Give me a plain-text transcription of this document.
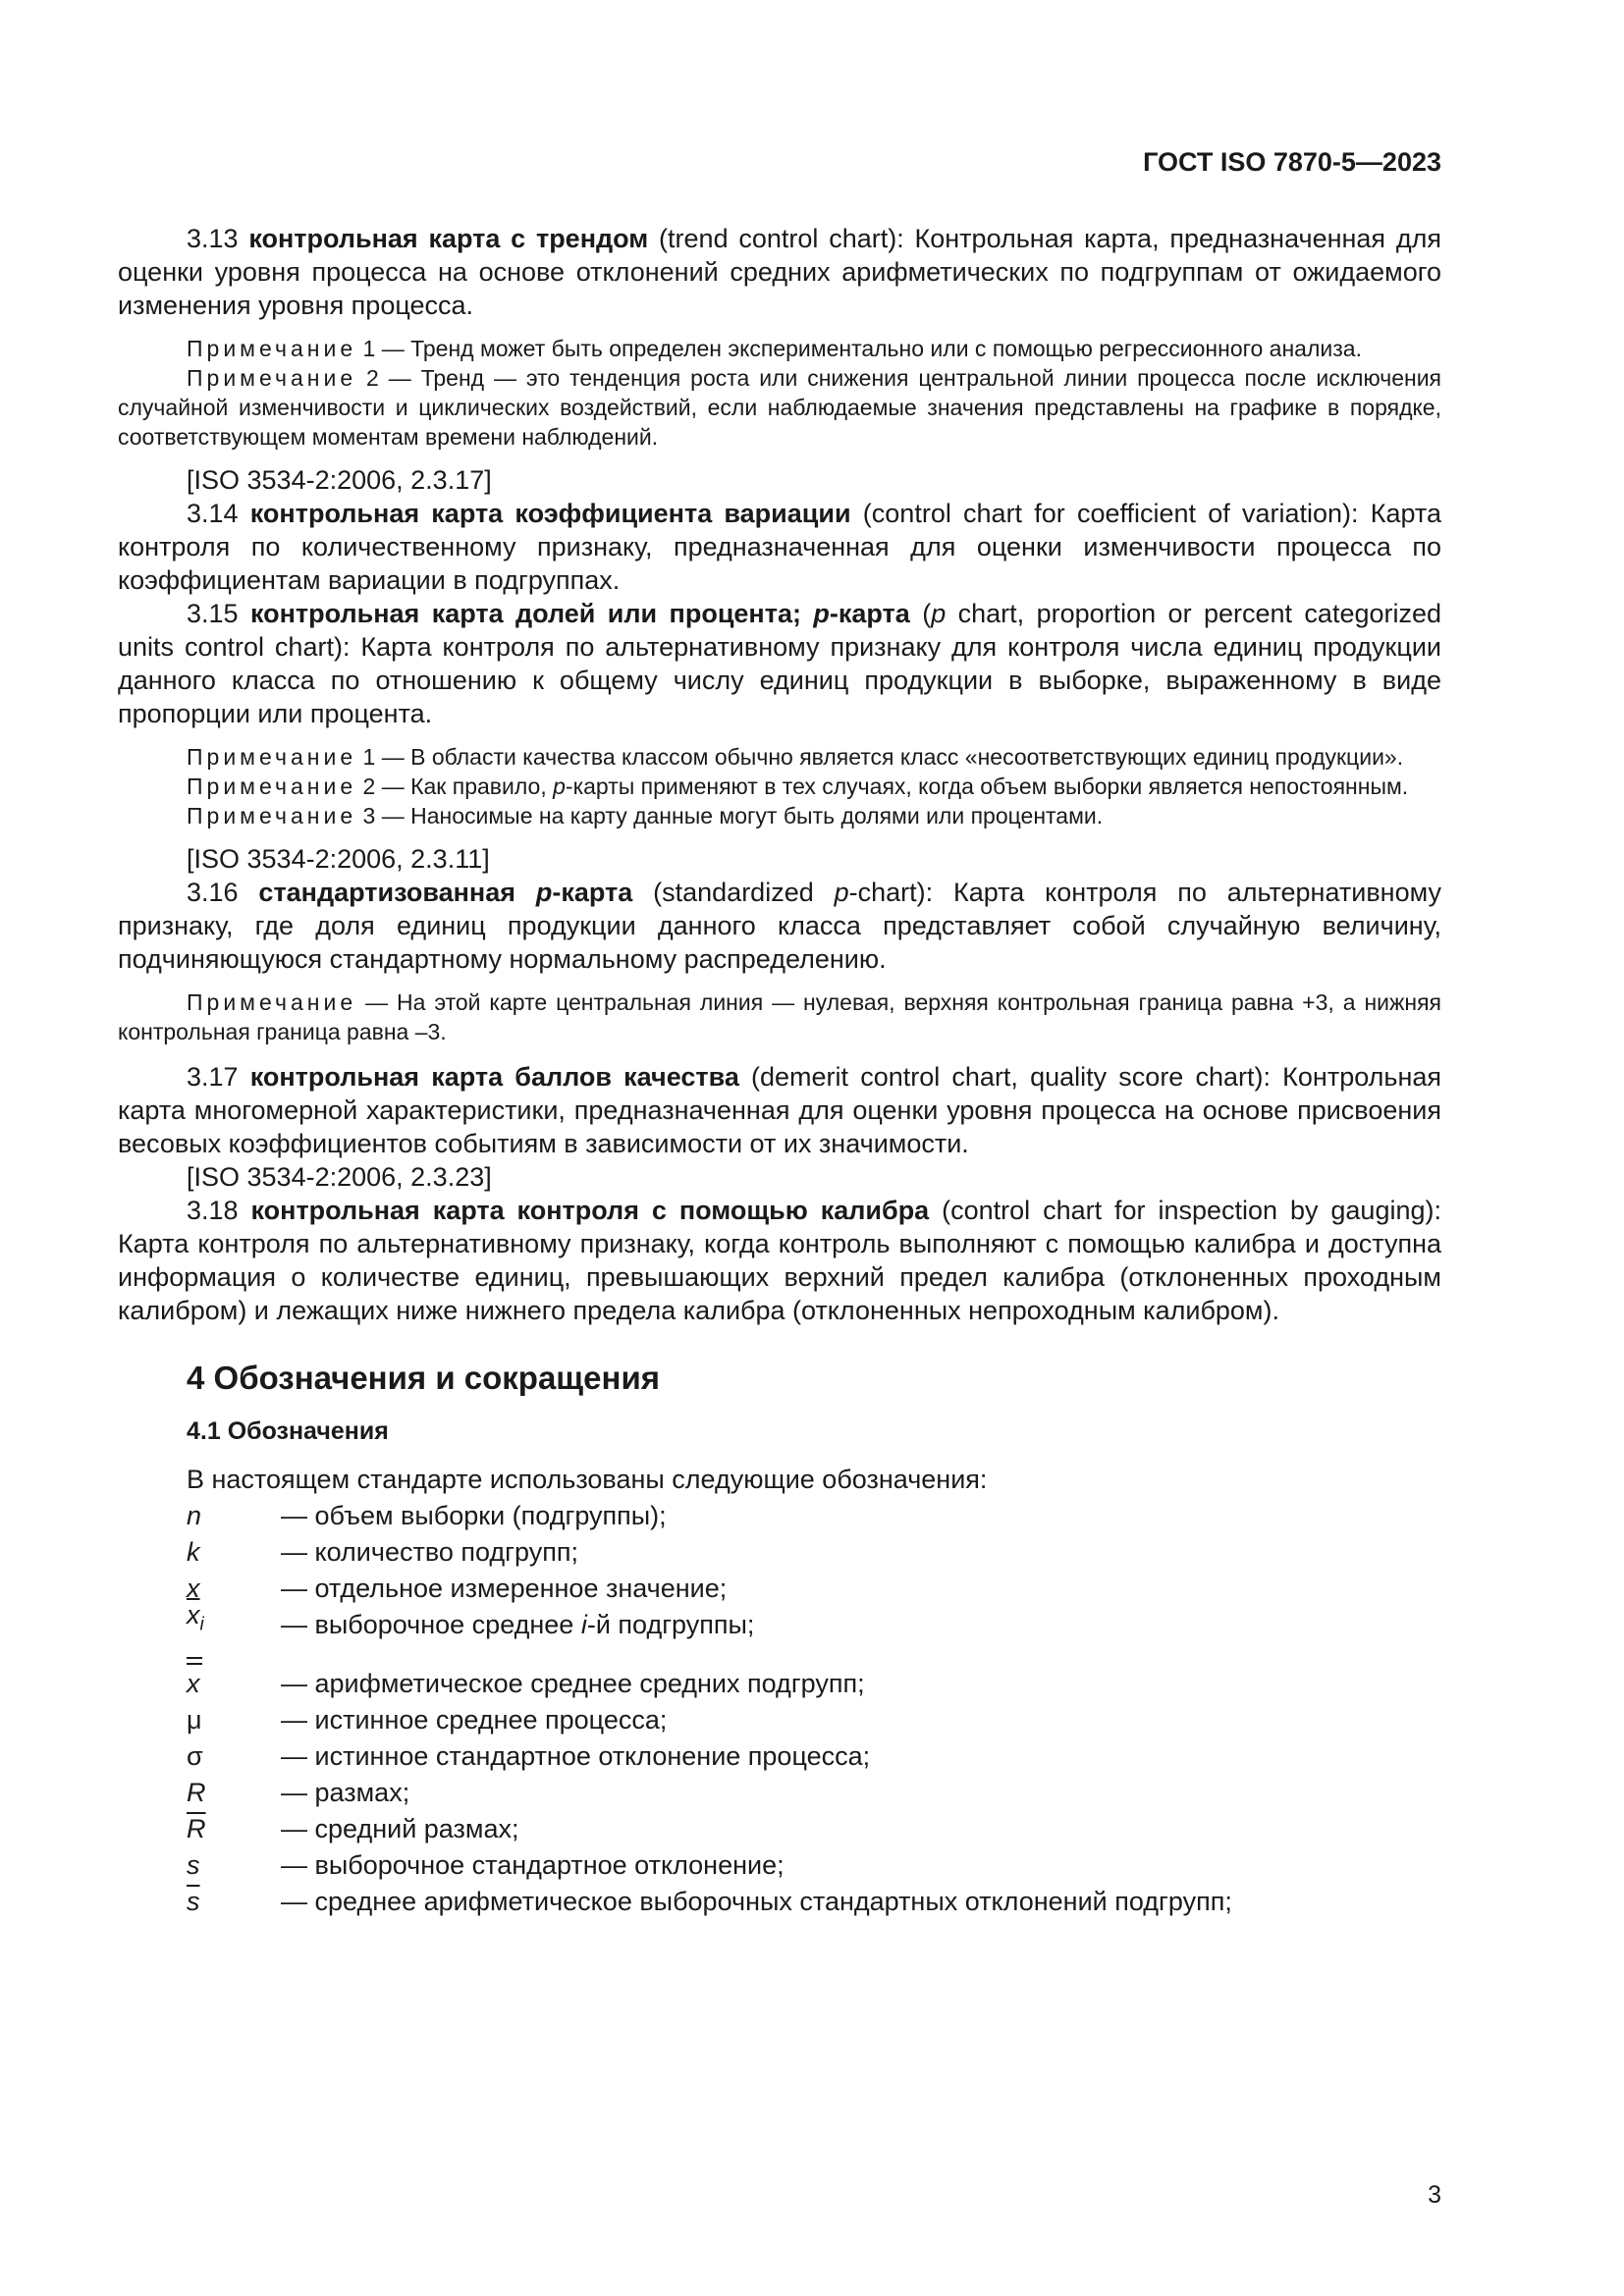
ГОСТ ISO 7870-5—2023

3.13 контрольная карта с трендом (trend control chart): Контрольная карта, предназначенная для оценки уровня процесса на основе отклонений средних арифметических по подгруппам от ожидаемого изменения уровня процесса.

Примечание 1 — Тренд может быть определен экспериментально или с помощью регрессионного анализа.

Примечание 2 — Тренд — это тенденция роста или снижения центральной линии процесса после исключения случайной изменчивости и циклических воздействий, если наблюдаемые значения представлены на графике в порядке, соответствующем моментам времени наблюдений.

[ISO 3534-2:2006, 2.3.17]

3.14 контрольная карта коэффициента вариации (control chart for coefficient of variation): Карта контроля по количественному признаку, предназначенная для оценки изменчивости процесса по коэффициентам вариации в подгруппах.

3.15 контрольная карта долей или процента; p-карта (p chart, proportion or percent categorized units control chart): Карта контроля по альтернативному признаку для контроля числа единиц продукции данного класса по отношению к общему числу единиц продукции в выборке, выраженному в виде пропорции или процента.

Примечание 1 — В области качества классом обычно является класс «несоответствующих единиц продукции».

Примечание 2 — Как правило, p-карты применяют в тех случаях, когда объем выборки является непостоянным.

Примечание 3 — Наносимые на карту данные могут быть долями или процентами.

[ISO 3534-2:2006, 2.3.11]

3.16 стандартизованная p-карта (standardized p-chart): Карта контроля по альтернативному признаку, где доля единиц продукции данного класса представляет собой случайную величину, подчиняющуюся стандартному нормальному распределению.

Примечание — На этой карте центральная линия — нулевая, верхняя контрольная граница равна +3, а нижняя контрольная граница равна –3.

3.17 контрольная карта баллов качества (demerit control chart, quality score chart): Контрольная карта многомерной характеристики, предназначенная для оценки уровня процесса на основе присвоения весовых коэффициентов событиям в зависимости от их значимости.

[ISO 3534-2:2006, 2.3.23]

3.18 контрольная карта контроля с помощью калибра (control chart for inspection by gauging): Карта контроля по альтернативному признаку, когда контроль выполняют с помощью калибра и доступна информация о количестве единиц, превышающих верхний предел калибра (отклоненных проходным калибром) и лежащих ниже нижнего предела калибра (отклоненных непроходным калибром).

4 Обозначения и сокращения
4.1 Обозначения

В настоящем стандарте использованы следующие обозначения:

n	— объем выборки (подгруппы);
k	— количество подгрупп;
x	— отдельное измеренное значение;
$\overline{x}_i$	— выборочное среднее i-й подгруппы;
x	— арифметическое среднее средних подгрупп;
μ	— истинное среднее процесса;
σ	— истинное стандартное отклонение процесса;
R	— размах;
$\overline{R}$	— средний размах;
s	— выборочное стандартное отклонение;
$\overline{s}$	— среднее арифметическое выборочных стандартных отклонений подгрупп;
3
